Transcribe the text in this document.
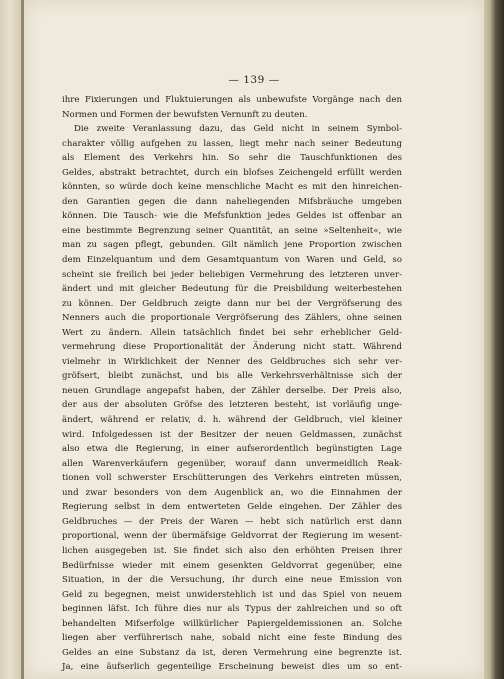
— 139 —
ihre Fixierungen und Fluktuierungen als unbewufste Vorgänge nach den
Normen und Formen der bewufsten Vernunft zu deuten.
Die zweite Veranlassung dazu, das Geld nicht in seinem Symbol-
charakter völlig aufgehen zu lassen, liegt mehr nach seiner Bedeutung
als Element des Verkehrs hin. So sehr die Tauschfunktionen des
Geldes, abstrakt betrachtet, durch ein blofses Zeichengeld erfüllt werden
könnten, so würde doch keine menschliche Macht es mit den hinreichen-
den Garantien gegen die dann naheliegenden Mifsbräuche umgeben
können. Die Tausch- wie die Mefsfunktion jedes Geldes ist offenbar an
eine bestimmte Begrenzung seiner Quantität, an seine »Seltenheit«, wie
man zu sagen pflegt, gebunden. Gilt nämlich jene Proportion zwischen
dem Einzelquantum und dem Gesamtquantum von Waren und Geld, so
scheint sie freilich bei jeder beliebigen Vermehrung des letzteren unver-
ändert und mit gleicher Bedeutung für die Preisbildung weiterbestehen
zu können. Der Geldbruch zeigte dann nur bei der Vergröfserung des
Nenners auch die proportionale Vergröfserung des Zählers, ohne seinen
Wert zu ändern. Allein tatsächlich findet bei sehr erheblicher Geld-
vermehrung diese Proportionalität der Änderung nicht statt. Während
vielmehr in Wirklichkeit der Nenner des Geldbruches sich sehr ver-
gröfsert, bleibt zunächst, und bis alle Verkehrsverhältnisse sich der
neuen Grundlage angepafst haben, der Zähler derselbe. Der Preis also,
der aus der absoluten Gröfse des letzteren besteht, ist vorläufig unge-
ändert, während er relativ, d. h. während der Geldbruch, viel kleiner
wird. Infolgedessen ist der Besitzer der neuen Geldmassen, zunächst
also etwa die Regierung, in einer aufserordentlich begünstigten Lage
allen Warenverkäufern gegenüber, worauf dann unvermeidlich Reak-
tionen voll schwerster Erschütterungen des Verkehrs eintreten müssen,
und zwar besonders von dem Augenblick an, wo die Einnahmen der
Regierung selbst in dem entwerteten Gelde eingehen. Der Zähler des
Geldbruches — der Preis der Waren — hebt sich natürlich erst dann
proportional, wenn der übermäfsige Geldvorrat der Regierung im wesent-
lichen ausgegeben ist. Sie findet sich also den erhöhten Preisen ihrer
Bedürfnisse wieder mit einem gesenkten Geldvorrat gegenüber, eine
Situation, in der die Versuchung, ihr durch eine neue Emission von
Geld zu begegnen, meist unwiderstehlich ist und das Spiel von neuem
beginnen läfst. Ich führe dies nur als Typus der zahlreichen und so oft
behandelten Mifserfolge willkürlicher Papiergeldemissionen an. Solche
liegen aber verführerisch nahe, sobald nicht eine feste Bindung des
Geldes an eine Substanz da ist, deren Vermehrung eine begrenzte ist.
Ja, eine äufserlich gegenteilige Erscheinung beweist dies um so ent-
